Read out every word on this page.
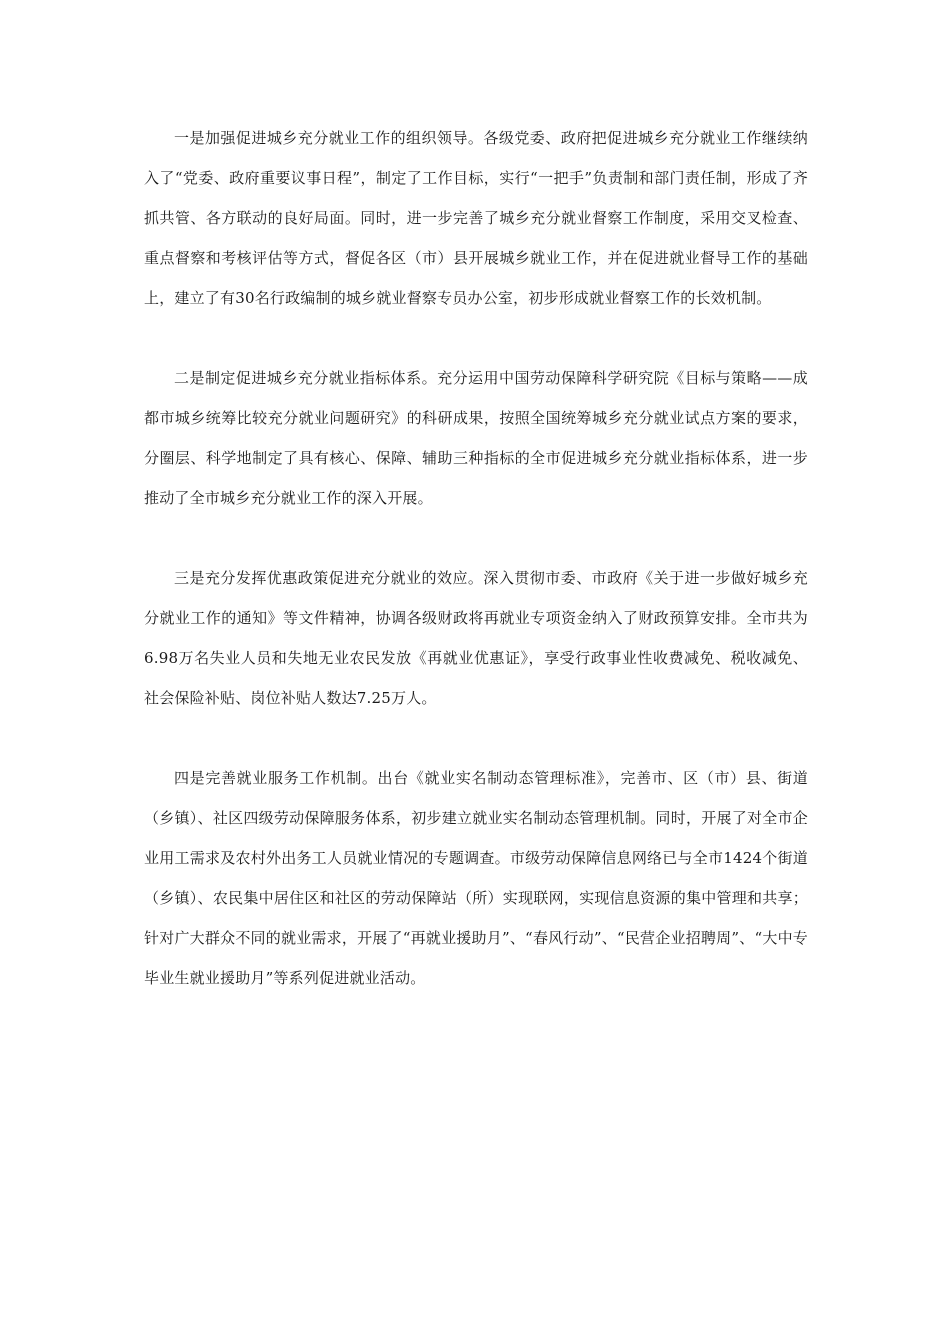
一是加强促进城乡充分就业工作的组织领导。各级党委、政府把促进城乡充分就业工作继续纳入了“党委、政府重要议事日程”，制定了工作目标，实行“一把手”负责制和部门责任制，形成了齐抓共管、各方联动的良好局面。同时，进一步完善了城乡充分就业督察工作制度，采用交叉检查、重点督察和考核评估等方式，督促各区（市）县开展城乡就业工作，并在促进就业督导工作的基础上，建立了有30名行政编制的城乡就业督察专员办公室，初步形成就业督察工作的长效机制。

二是制定促进城乡充分就业指标体系。充分运用中国劳动保障科学研究院《目标与策略——成都市城乡统筹比较充分就业问题研究》的科研成果，按照全国统筹城乡充分就业试点方案的要求，分圈层、科学地制定了具有核心、保障、辅助三种指标的全市促进城乡充分就业指标体系，进一步推动了全市城乡充分就业工作的深入开展。

三是充分发挥优惠政策促进充分就业的效应。深入贯彻市委、市政府《关于进一步做好城乡充分就业工作的通知》等文件精神，协调各级财政将再就业专项资金纳入了财政预算安排。全市共为6.98万名失业人员和失地无业农民发放《再就业优惠证》，享受行政事业性收费减免、税收减免、社会保险补贴、岗位补贴人数达7.25万人。

四是完善就业服务工作机制。出台《就业实名制动态管理标准》，完善市、区（市）县、街道（乡镇）、社区四级劳动保障服务体系，初步建立就业实名制动态管理机制。同时，开展了对全市企业用工需求及农村外出务工人员就业情况的专题调查。市级劳动保障信息网络已与全市1424个街道（乡镇）、农民集中居住区和社区的劳动保障站（所）实现联网，实现信息资源的集中管理和共享；针对广大群众不同的就业需求，开展了“再就业援助月”、“春风行动”、“民营企业招聘周”、“大中专毕业生就业援助月”等系列促进就业活动。
